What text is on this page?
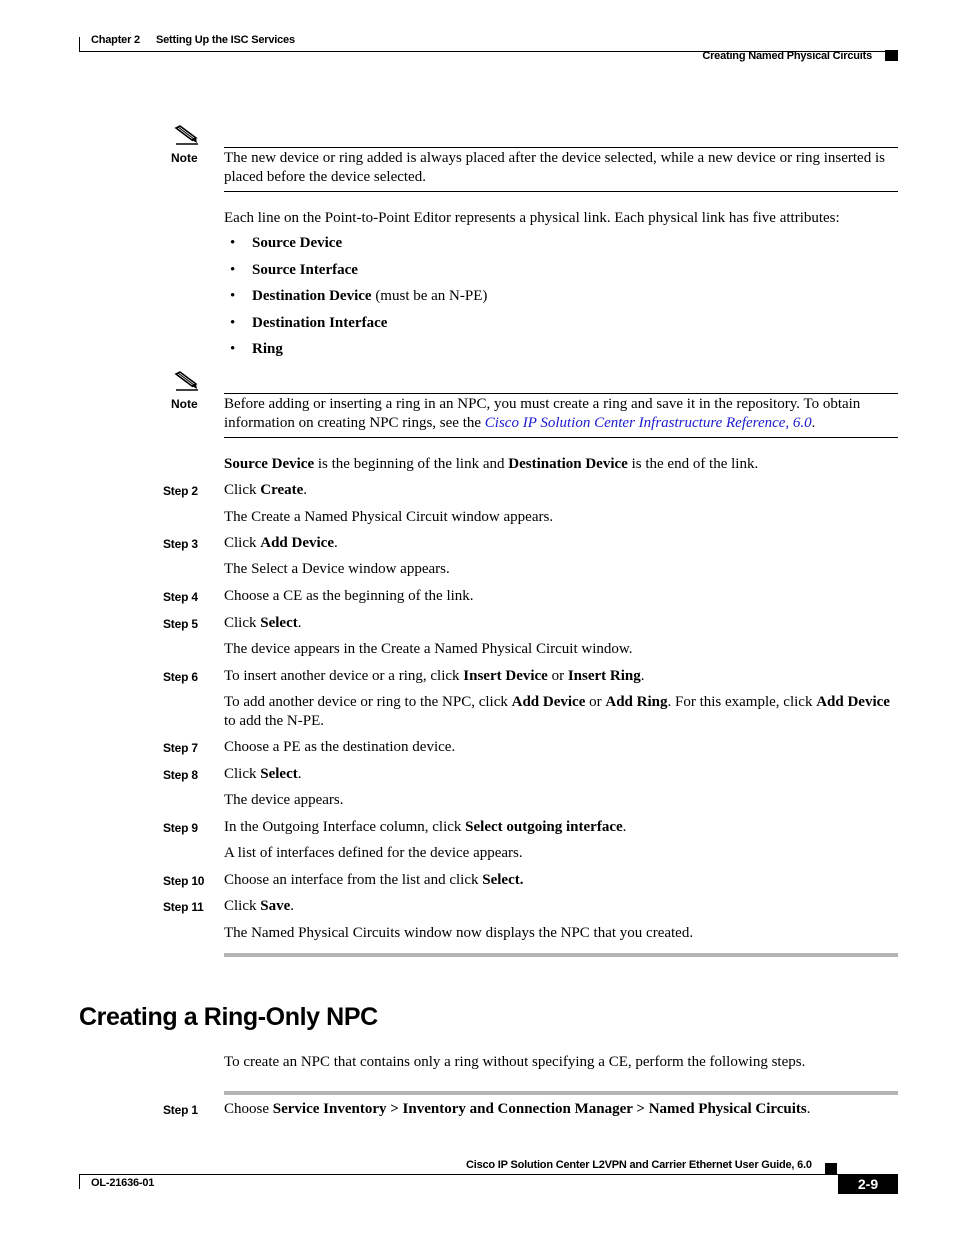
Chapter 2 Setting Up the ISC Services
Creating Named Physical Circuits
Note The new device or ring added is always placed after the device selected, while a new device or ring inserted is placed before the device selected.
Each line on the Point-to-Point Editor represents a physical link. Each physical link has five attributes:
• Source Device
• Source Interface
• Destination Device (must be an N-PE)
• Destination Interface
• Ring
Note Before adding or inserting a ring in an NPC, you must create a ring and save it in the repository. To obtain information on creating NPC rings, see the Cisco IP Solution Center Infrastructure Reference, 6.0.
Source Device is the beginning of the link and Destination Device is the end of the link.
Step 2 Click Create.
The Create a Named Physical Circuit window appears.
Step 3 Click Add Device.
The Select a Device window appears.
Step 4 Choose a CE as the beginning of the link.
Step 5 Click Select.
The device appears in the Create a Named Physical Circuit window.
Step 6 To insert another device or a ring, click Insert Device or Insert Ring.
To add another device or ring to the NPC, click Add Device or Add Ring. For this example, click Add Device to add the N-PE.
Step 7 Choose a PE as the destination device.
Step 8 Click Select.
The device appears.
Step 9 In the Outgoing Interface column, click Select outgoing interface.
A list of interfaces defined for the device appears.
Step 10 Choose an interface from the list and click Select.
Step 11 Click Save.
The Named Physical Circuits window now displays the NPC that you created.
Creating a Ring-Only NPC
To create an NPC that contains only a ring without specifying a CE, perform the following steps.
Step 1 Choose Service Inventory > Inventory and Connection Manager > Named Physical Circuits.
Cisco IP Solution Center L2VPN and Carrier Ethernet User Guide, 6.0
OL-21636-01	2-9
